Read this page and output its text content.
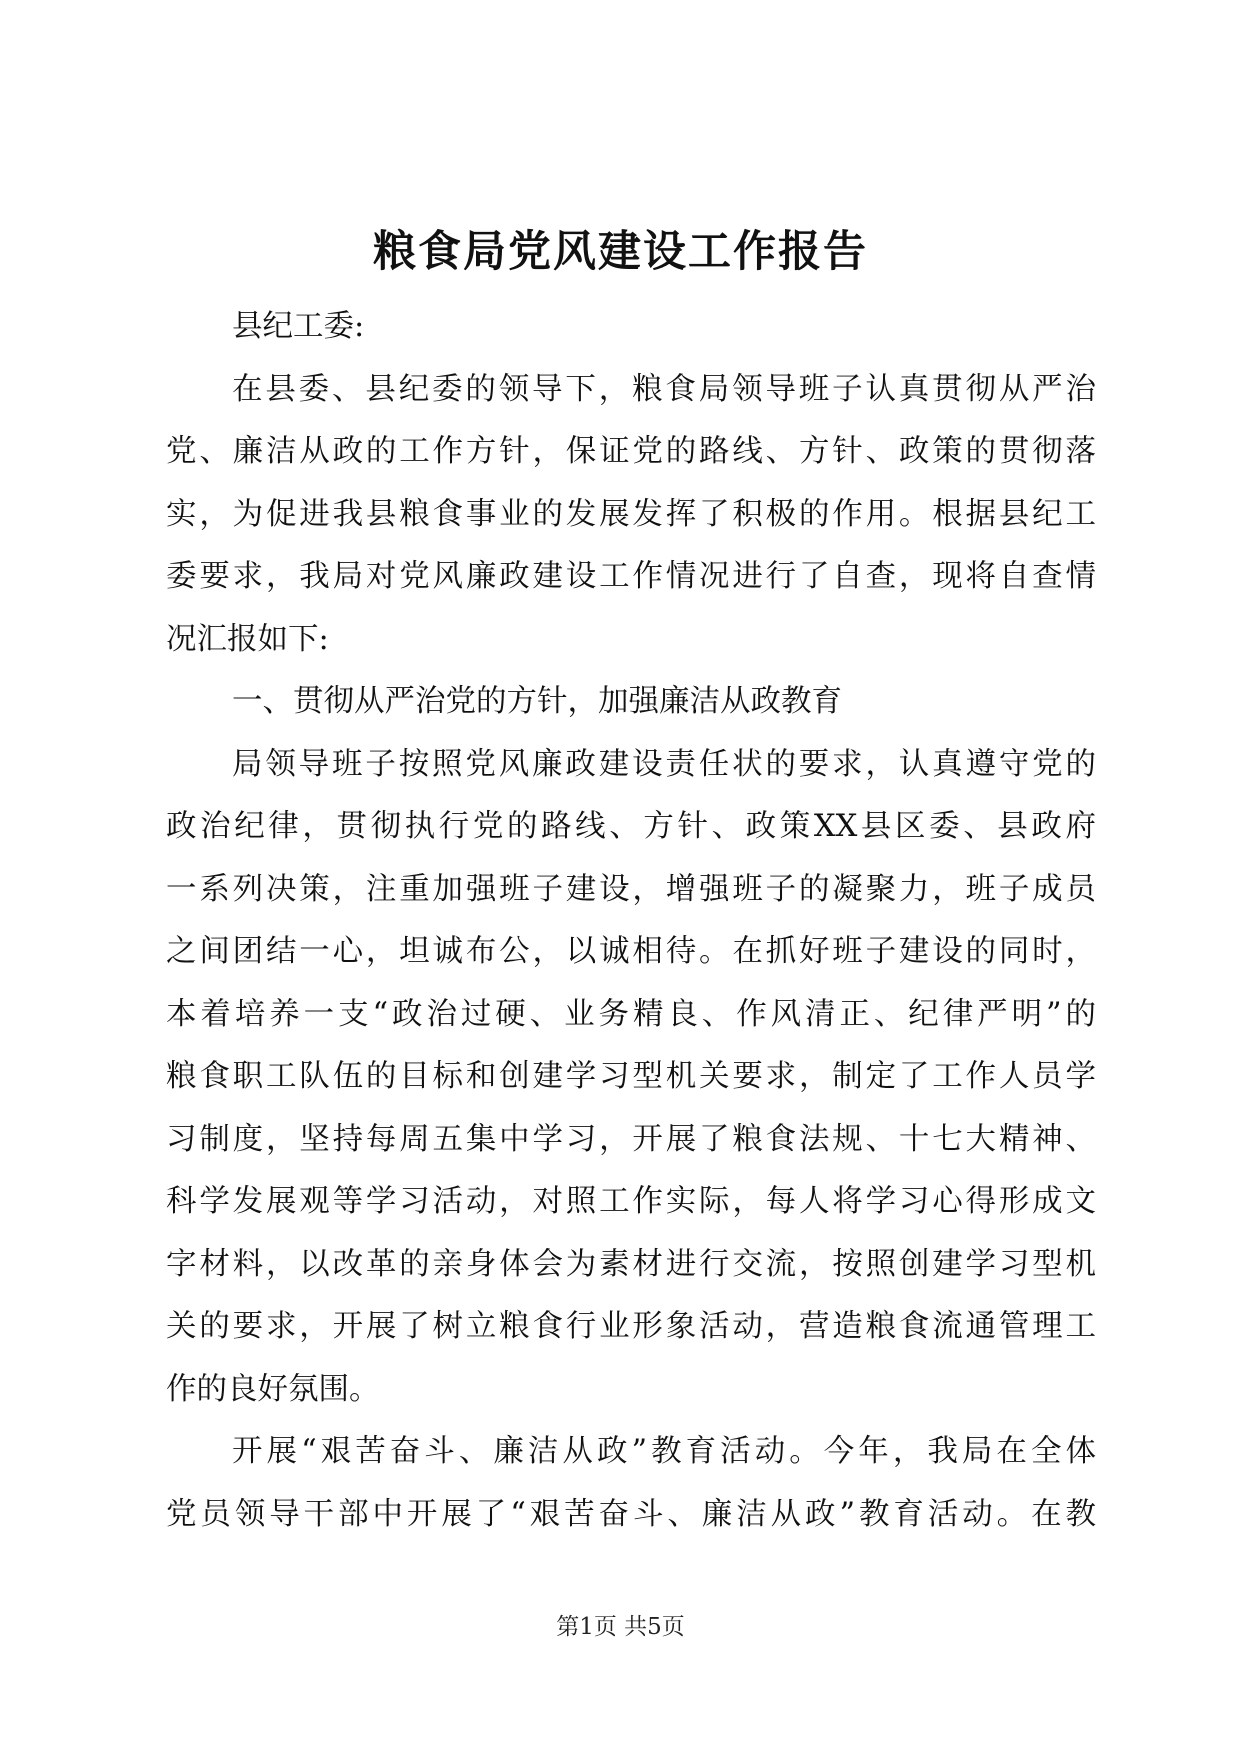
粮食局党风建设工作报告
县纪工委:
在县委、县纪委的领导下，粮食局领导班子认真贯彻从严治
党、廉洁从政的工作方针，保证党的路线、方针、政策的贯彻落
实，为促进我县粮食事业的发展发挥了积极的作用。根据县纪工
委要求，我局对党风廉政建设工作情况进行了自查，现将自查情
况汇报如下:
一、贯彻从严治党的方针，加强廉洁从政教育
局领导班子按照党风廉政建设责任状的要求，认真遵守党的
政治纪律，贯彻执行党的路线、方针、政策XX县区委、县政府
一系列决策，注重加强班子建设，增强班子的凝聚力，班子成员
之间团结一心，坦诚布公，以诚相待。在抓好班子建设的同时，
本着培养一支“政治过硬、业务精良、作风清正、纪律严明”的
粮食职工队伍的目标和创建学习型机关要求，制定了工作人员学
习制度，坚持每周五集中学习，开展了粮食法规、十七大精神、
科学发展观等学习活动，对照工作实际，每人将学习心得形成文
字材料，以改革的亲身体会为素材进行交流，按照创建学习型机
关的要求，开展了树立粮食行业形象活动，营造粮食流通管理工
作的良好氛围。
开展“艰苦奋斗、廉洁从政”教育活动。今年，我局在全体
党员领导干部中开展了“艰苦奋斗、廉洁从政”教育活动。在教
第1页 共5页
